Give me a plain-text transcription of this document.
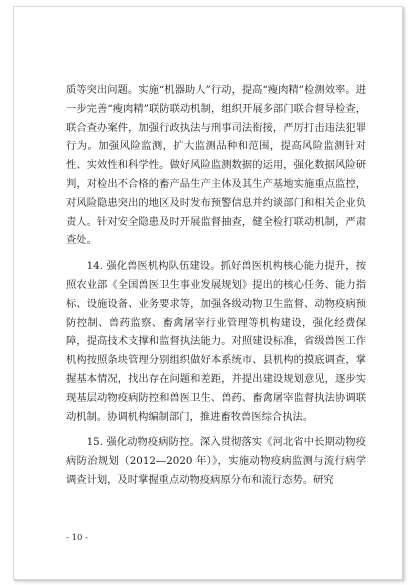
质等突出问题。实施“机器助人”行动，提高“瘦肉精”检测效率。进一步完善“瘦肉精”联防联动机制，组织开展多部门联合督导检查，联合查办案件，加强行政执法与刑事司法衔接，严厉打击违法犯罪行为。加强风险监测，扩大监测品种和范围，提高风险监测针对性、实效性和科学性。做好风险监测数据的运用，强化数据风险研判，对检出不合格的畜产品生产主体及其生产基地实施重点监控，对风险隐患突出的地区及时发布预警信息并约谈部门和相关企业负责人。针对安全隐患及时开展监督抽查，健全检打联动机制，严肃查处。

14. 强化兽医机构队伍建设。抓好兽医机构核心能力提升，按照农业部《全国兽医卫生事业发展规划》提出的核心任务、能力指标、设施设备、业务要求等，加强各级动物卫生监督、动物疫病预防控制、兽药监察、畜禽屠宰行业管理等机构建设，强化经费保障，提高技术支撑和监督执法能力。对照建设标准，省级兽医工作机构按照条块管理分别组织做好本系统市、县机构的摸底调查，掌握基本情况，找出存在问题和差距，并提出建设规划意见，逐步实现基层动物疫病防控和兽医卫生、兽药、畜禽屠宰监督执法协调联动机制。协调机构编制部门，推进畜牧兽医综合执法。

15. 强化动物疫病防控。深入贯彻落实《河北省中长期动物疫病防治规划（2012—2020 年）》，实施动物疫病监测与流行病学调查计划，及时掌握重点动物疫病原分布和流行态势。研究

- 10 -
